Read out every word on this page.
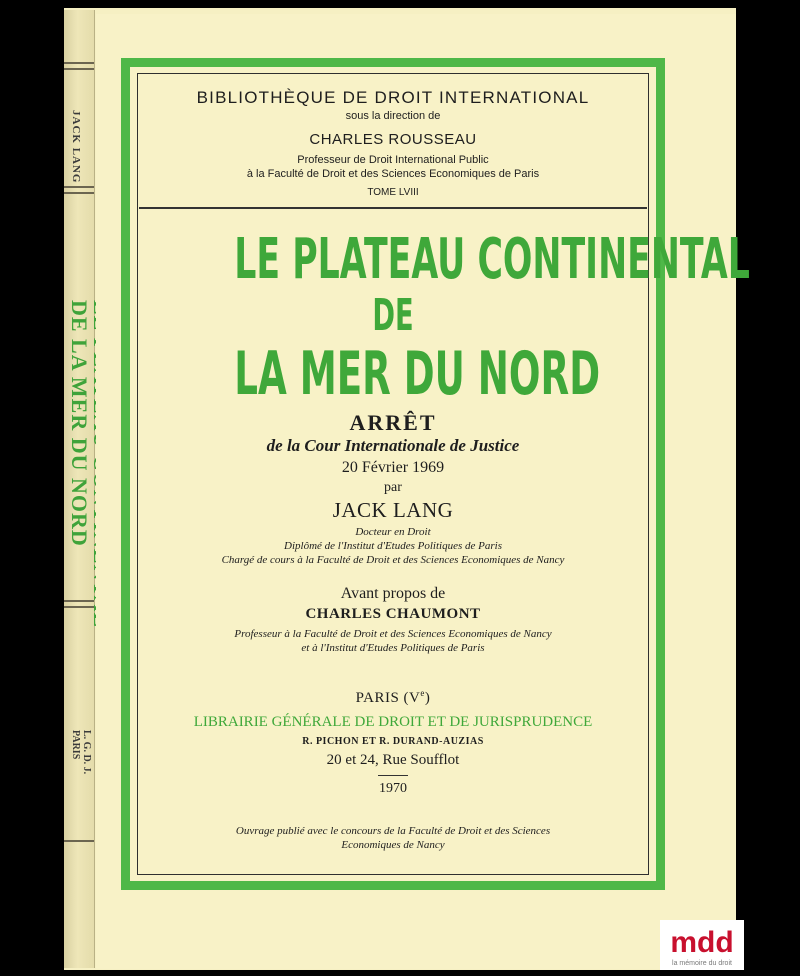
JACK LANG

DE LA MER DU NORD
L. G. D. J.
PARIS
BIBLIOTHÈQUE DE DROIT INTERNATIONAL
sous la direction de
CHARLES ROUSSEAU
Professeur de Droit International Public
à la Faculté de Droit et des Sciences Economiques de Paris
TOME LVIII
LE PLATEAU CONTINENTAL
DE
LA MER DU NORD
ARRÊT
de la Cour Internationale de Justice
20 Février 1969
par
JACK LANG
Docteur en Droit
Diplômé de l'Institut d'Etudes Politiques de Paris
Chargé de cours à la Faculté de Droit et des Sciences Economiques de Nancy
Avant propos de
CHARLES CHAUMONT
Professeur à la Faculté de Droit et des Sciences Economiques de Nancy
et à l'Institut d'Etudes Politiques de Paris
PARIS (Ve)
LIBRAIRIE GÉNÉRALE DE DROIT ET DE JURISPRUDENCE
R. PICHON ET R. DURAND-AUZIAS
20 et 24, Rue Soufflot
1970
Ouvrage publié avec le concours de la Faculté de Droit et des Sciences
Economiques de Nancy
mdd
la mémoire du droit
